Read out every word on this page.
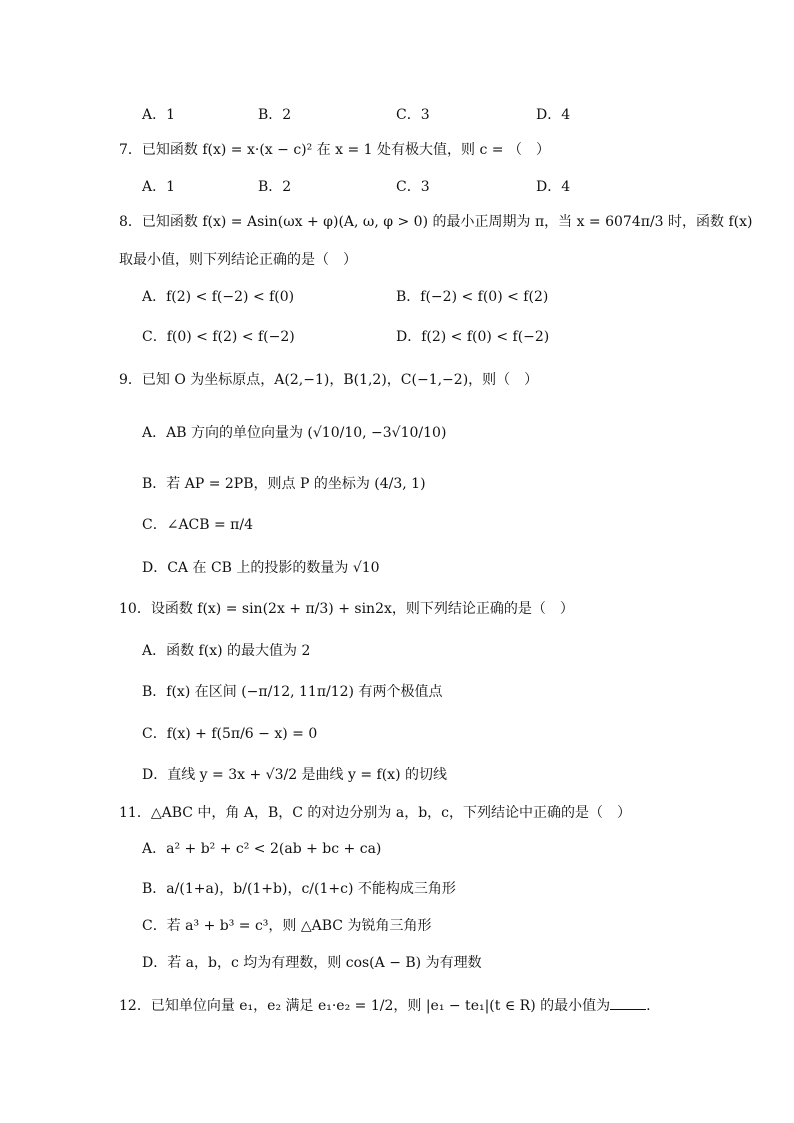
A．1	B．2	C．3	D．4
7．已知函数 f(x) = x·(x − c)² 在 x = 1 处有极大值，则 c = （　）
A．1	B．2	C．3	D．4
8．已知函数 f(x) = Asin(ωx + φ)(A, ω, φ > 0) 的最小正周期为 π，当 x = 6074π/3 时，函数 f(x)
取最小值，则下列结论正确的是（　）
A．f(2) < f(−2) < f(0)	B．f(−2) < f(0) < f(2)
C．f(0) < f(2) < f(−2)	D．f(2) < f(0) < f(−2)
9．已知 O 为坐标原点，A(2,−1)，B(1,2)，C(−1,−2)，则（　）
A．AB 方向的单位向量为 (√10/10, −3√10/10)
B．若 AP = 2PB，则点 P 的坐标为 (4/3, 1)
C．∠ACB = π/4
D．CA 在 CB 上的投影的数量为 √10
10．设函数 f(x) = sin(2x + π/3) + sin2x，则下列结论正确的是（　）
A．函数 f(x) 的最大值为 2
B．f(x) 在区间 (−π/12, 11π/12) 有两个极值点
C．f(x) + f(5π/6 − x) = 0
D．直线 y = 3x + √3/2 是曲线 y = f(x) 的切线
11．△ABC 中，角 A，B，C 的对边分别为 a，b，c，下列结论中正确的是（　）
A．a² + b² + c² < 2(ab + bc + ca)
B．a/(1+a)，b/(1+b)，c/(1+c) 不能构成三角形
C．若 a³ + b³ = c³，则 △ABC 为锐角三角形
D．若 a，b，c 均为有理数，则 cos(A − B) 为有理数
12．已知单位向量 e₁，e₂ 满足 e₁·e₂ = 1/2，则 |e₁ − te₁|(t ∈ R) 的最小值为	.
